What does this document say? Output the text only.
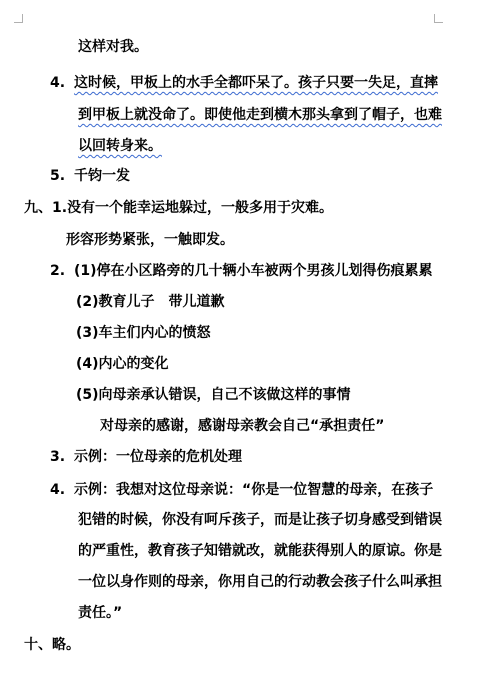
这样对我。
4. 这时候，甲板上的水手全都吓呆了。孩子只要一失足，直摔
到甲板上就没命了。即使他走到横木那头拿到了帽子，也难
以回转身来。
5. 千钧一发
九、1.没有一个能幸运地躲过，一般多用于灾难。
形容形势紧张，一触即发。
2. (1)停在小区路旁的几十辆小车被两个男孩儿划得伤痕累累
(2)教育儿子　带儿道歉
(3)车主们内心的愤怒
(4)内心的变化
(5)向母亲承认错误，自己不该做这样的事情
对母亲的感谢，感谢母亲教会自己“承担责任”
3. 示例：一位母亲的危机处理
4. 示例：我想对这位母亲说：“你是一位智慧的母亲，在孩子
犯错的时候，你没有呵斥孩子，而是让孩子切身感受到错误
的严重性，教育孩子知错就改，就能获得别人的原谅。你是
一位以身作则的母亲，你用自己的行动教会孩子什么叫承担
责任。”
十、略。
